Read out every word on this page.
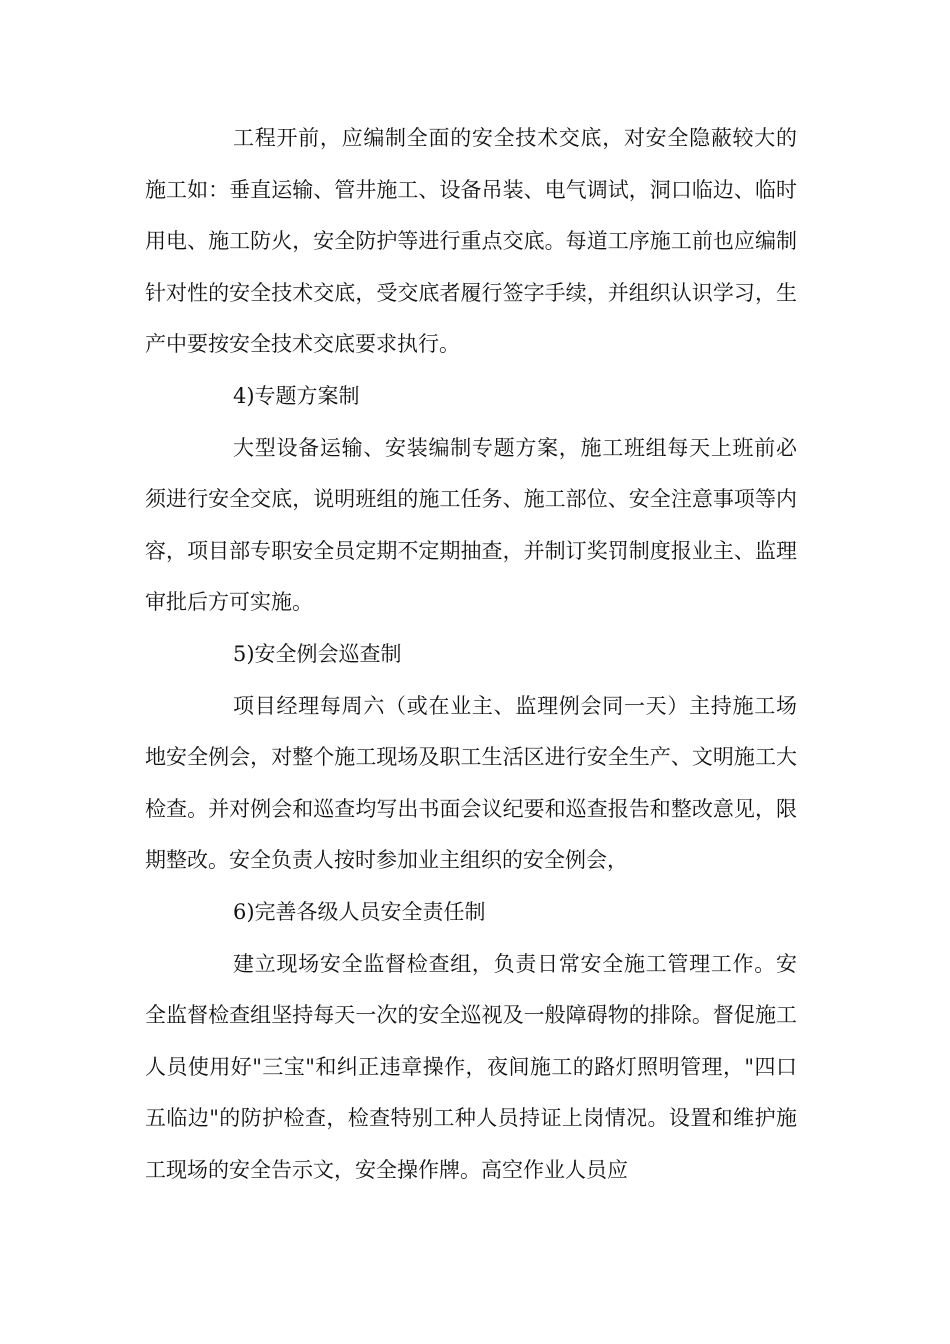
工程开前，应编制全面的安全技术交底，对安全隐蔽较大的施工如：垂直运输、管井施工、设备吊装、电气调试，洞口临边、临时用电、施工防火，安全防护等进行重点交底。每道工序施工前也应编制针对性的安全技术交底，受交底者履行签字手续，并组织认识学习，生产中要按安全技术交底要求执行。

4)专题方案制

大型设备运输、安装编制专题方案，施工班组每天上班前必须进行安全交底，说明班组的施工任务、施工部位、安全注意事项等内容，项目部专职安全员定期不定期抽查，并制订奖罚制度报业主、监理审批后方可实施。

5)安全例会巡查制

项目经理每周六（或在业主、监理例会同一天）主持施工场地安全例会，对整个施工现场及职工生活区进行安全生产、文明施工大检查。并对例会和巡查均写出书面会议纪要和巡查报告和整改意见，限期整改。安全负责人按时参加业主组织的安全例会，

6)完善各级人员安全责任制

建立现场安全监督检查组，负责日常安全施工管理工作。安全监督检查组坚持每天一次的安全巡视及一般障碍物的排除。督促施工人员使用好"三宝"和纠正违章操作，夜间施工的路灯照明管理，"四口五临边"的防护检查，检查特别工种人员持证上岗情况。设置和维护施工现场的安全告示文，安全操作牌。高空作业人员应
